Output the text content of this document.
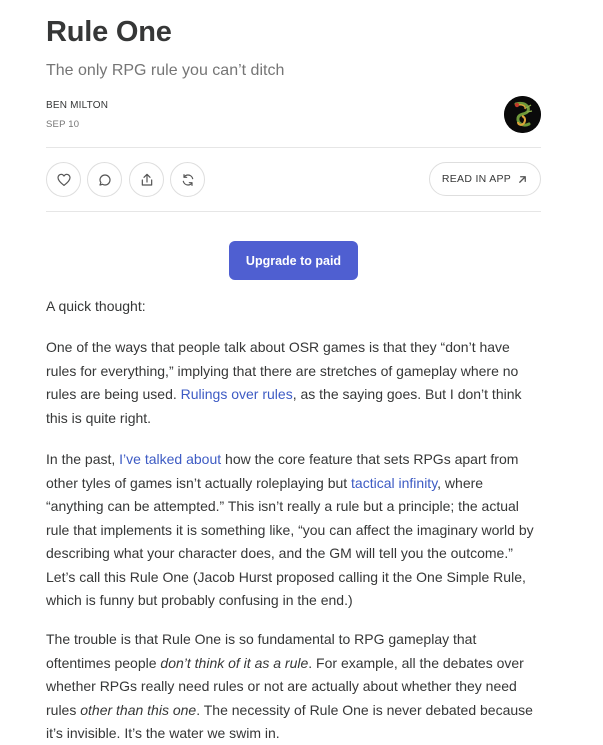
Rule One
The only RPG rule you can’t ditch
BEN MILTON
SEP 10
READ IN APP
Upgrade to paid

A quick thought:

One of the ways that people talk about OSR games is that they “don’t have rules for everything,” implying that there are stretches of gameplay where no rules are being used. Rulings over rules, as the saying goes. But I don’t think this is quite right.

In the past, I’ve talked about how the core feature that sets RPGs apart from other tyles of games isn’t actually roleplaying but tactical infinity, where “anything can be attempted.” This isn’t really a rule but a principle; the actual rule that implements it is something like, “you can affect the imaginary world by describing what your character does, and the GM will tell you the outcome.” Let’s call this Rule One (Jacob Hurst proposed calling it the One Simple Rule, which is funny but probably confusing in the end.)

The trouble is that Rule One is so fundamental to RPG gameplay that oftentimes people don’t think of it as a rule. For example, all the debates over whether RPGs really need rules or not are actually about whether they need rules other than this one. The necessity of Rule One is never debated because it’s invisible. It’s the water we swim in.
